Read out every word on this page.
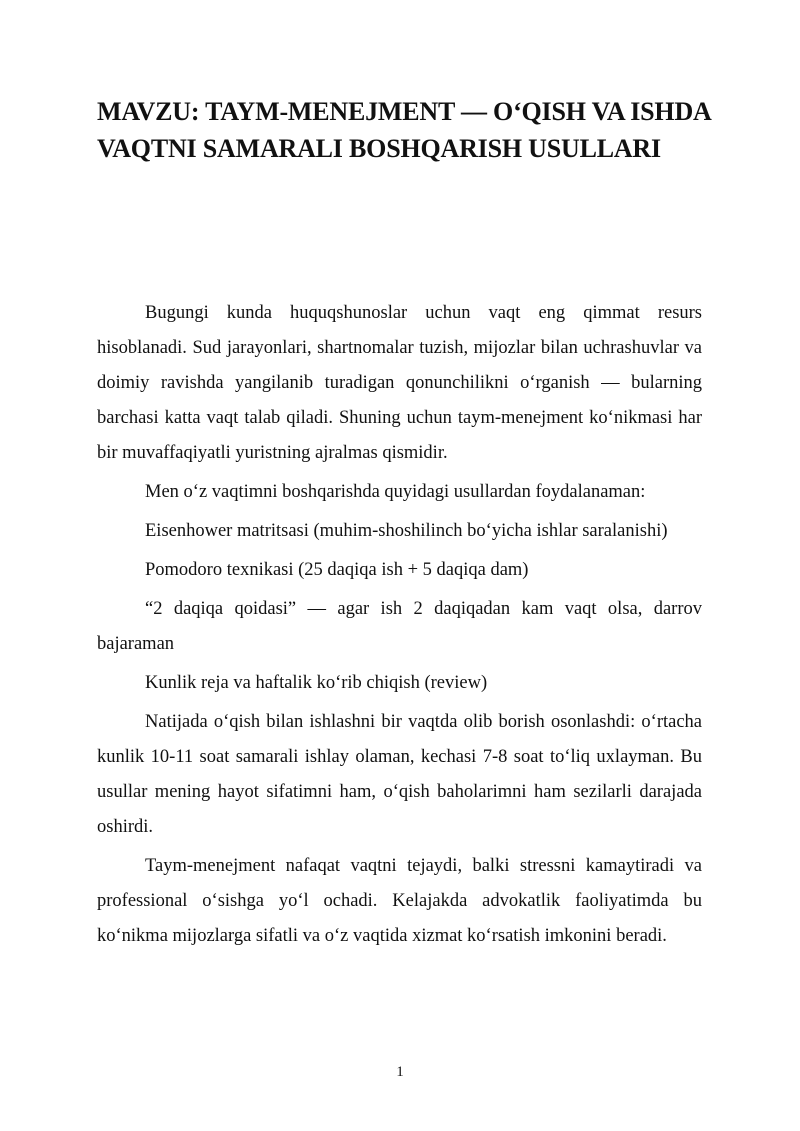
MAVZU: TAYM-MENEJMENT — O‘QISH VA ISHDA VAQTNI SAMARALI BOSHQARISH USULLARI

Bugungi kunda huquqshunoslar uchun vaqt eng qimmat resurs hisoblanadi. Sud jarayonlari, shartnomalar tuzish, mijozlar bilan uchrashuvlar va doimiy ravishda yangilanib turadigan qonunchilikni o‘rganish — bularning barchasi katta vaqt talab qiladi. Shuning uchun taym-menejment ko‘nikmasi har bir muvaffaqiyatli yuristning ajralmas qismidir.

Men o‘z vaqtimni boshqarishda quyidagi usullardan foydalanaman:

Eisenhower matritsasi (muhim-shoshilinch bo‘yicha ishlar saralanishi)

Pomodoro texnikasi (25 daqiqa ish + 5 daqiqa dam)

“2 daqiqa qoidasi” — agar ish 2 daqiqadan kam vaqt olsa, darrov bajaraman

Kunlik reja va haftalik ko‘rib chiqish (review)

Natijada o‘qish bilan ishlashni bir vaqtda olib borish osonlashdi: o‘rtacha kunlik 10-11 soat samarali ishlay olaman, kechasi 7-8 soat to‘liq uxlayman. Bu usullar mening hayot sifatimni ham, o‘qish baholarimni ham sezilarli darajada oshirdi.

Taym-menejment nafaqat vaqtni tejaydi, balki stressni kamaytiradi va professional o‘sishga yo‘l ochadi. Kelajakda advokatlik faoliyatimda bu ko‘nikma mijozlarga sifatli va o‘z vaqtida xizmat ko‘rsatish imkonini beradi.

1
